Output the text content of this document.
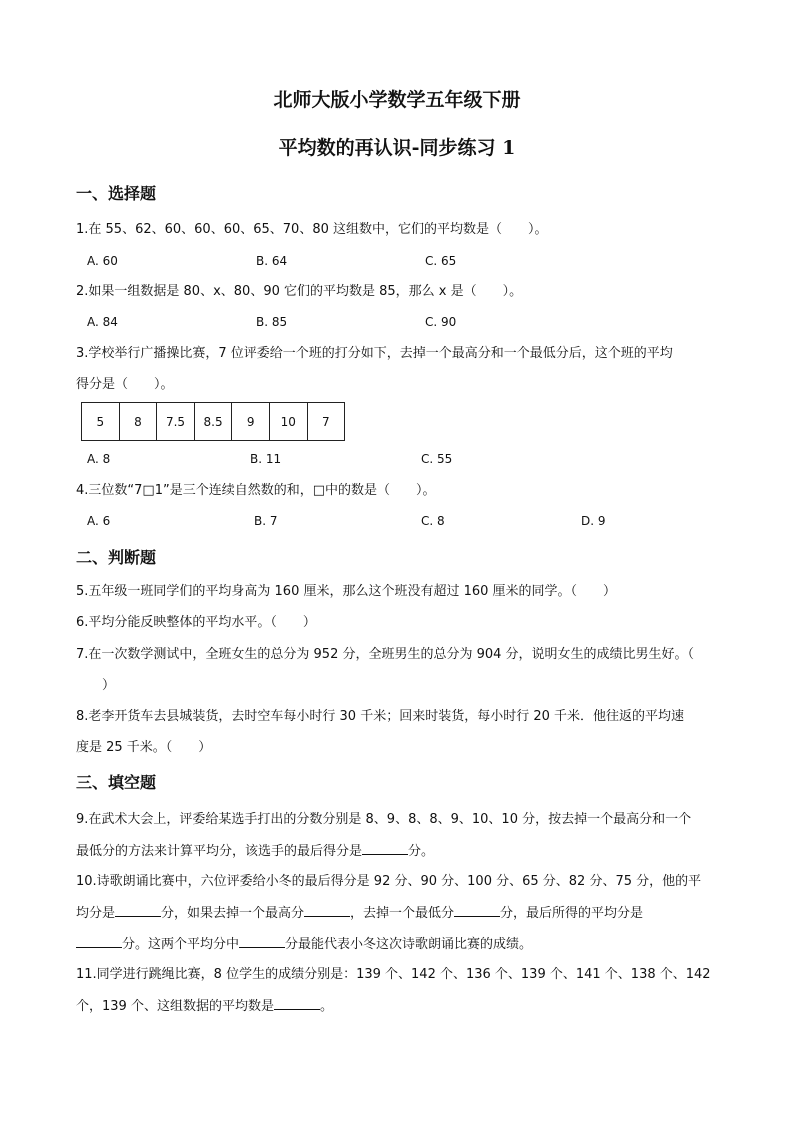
北师大版小学数学五年级下册
平均数的再认识-同步练习 1
一、选择题
1.在 55、62、60、60、60、65、70、80 这组数中，它们的平均数是（　　）。
A. 60	B. 64	C. 65
2.如果一组数据是 80、x、80、90 它们的平均数是 85，那么 x 是（　　）。
A. 84	B. 85	C. 90
3.学校举行广播操比赛，7 位评委给一个班的打分如下，去掉一个最高分和一个最低分后，这个班的平均
得分是（　　）。
5	8	7.5	8.5	9	10	7
A. 8	B. 11	C. 55
4.三位数“7□1”是三个连续自然数的和，□中的数是（　　）。
A. 6	B. 7	C. 8	D. 9
二、判断题
5.五年级一班同学们的平均身高为 160 厘米，那么这个班没有超过 160 厘米的同学。（　　）
6.平均分能反映整体的平均水平。（　　）
7.在一次数学测试中，全班女生的总分为 952 分，全班男生的总分为 904 分，说明女生的成绩比男生好。（
　　）
8.老李开货车去县城装货，去时空车每小时行 30 千米；回来时装货，每小时行 20 千米．他往返的平均速
度是 25 千米。（　　）
三、填空题
9.在武术大会上，评委给某选手打出的分数分别是 8、9、8、8、9、10、10 分，按去掉一个最高分和一个
最低分的方法来计算平均分，该选手的最后得分是	分。
10.诗歌朗诵比赛中，六位评委给小冬的最后得分是 92 分、90 分、100 分、65 分、82 分、75 分，他的平
均分是	分，如果去掉一个最高分	，去掉一个最低分	分，最后所得的平均分是
分。这两个平均分中	分最能代表小冬这次诗歌朗诵比赛的成绩。
11.同学进行跳绳比赛，8 位学生的成绩分别是：139 个、142 个、136 个、139 个、141 个、138 个、142
个，139 个、这组数据的平均数是	。
